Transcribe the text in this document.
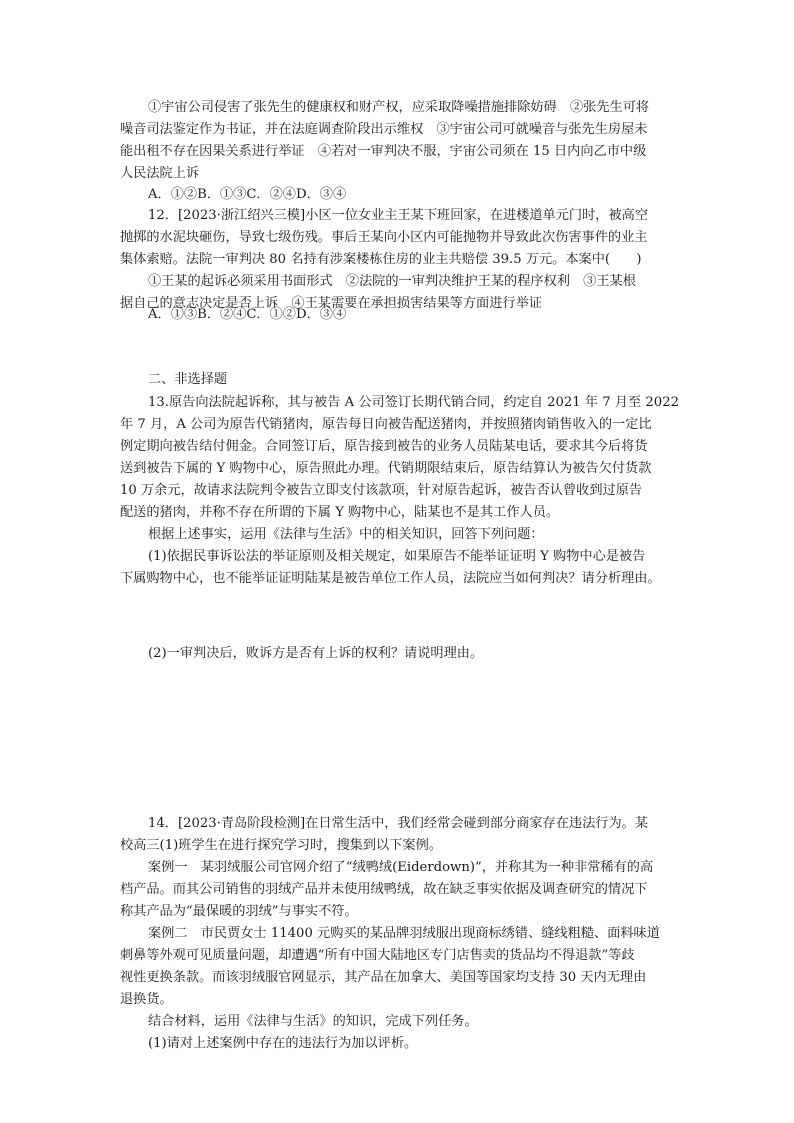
①宇宙公司侵害了张先生的健康权和财产权，应采取降噪措施排除妨碍　②张先生可将
噪音司法鉴定作为书证，并在法庭调查阶段出示维权　③宇宙公司可就噪音与张先生房屋未
能出租不存在因果关系进行举证　④若对一审判决不服，宇宙公司须在 15 日内向乙市中级
人民法院上诉
A．①②B．①③C．②④D．③④
12．[2023·浙江绍兴三模]小区一位女业主王某下班回家，在进楼道单元门时，被高空
抛掷的水泥块砸伤，导致七级伤残。事后王某向小区内可能抛物并导致此次伤害事件的业主
集体索赔。法院一审判决 80 名持有涉案楼栋住房的业主共赔偿 39.5 万元。本案中(　　)
①王某的起诉必须采用书面形式　②法院的一审判决维护王某的程序权利　③王某根
据自己的意志决定是否上诉　④王某需要在承担损害结果等方面进行举证
A．①③B．②④C．①②D．③④
二、非选择题
13.原告向法院起诉称，其与被告 A 公司签订长期代销合同，约定自 2021 年 7 月至 2022
年 7 月，A 公司为原告代销猪肉，原告每日向被告配送猪肉，并按照猪肉销售收入的一定比
例定期向被告结付佣金。合同签订后，原告接到被告的业务人员陆某电话，要求其今后将货
送到被告下属的 Y 购物中心，原告照此办理。代销期限结束后，原告结算认为被告欠付货款
10 万余元，故请求法院判令被告立即支付该款项，针对原告起诉，被告否认曾收到过原告
配送的猪肉，并称不存在所谓的下属 Y 购物中心，陆某也不是其工作人员。
根据上述事实，运用《法律与生活》中的相关知识，回答下列问题：
(1)依据民事诉讼法的举证原则及相关规定，如果原告不能举证证明 Y 购物中心是被告
下属购物中心，也不能举证证明陆某是被告单位工作人员，法院应当如何判决？请分析理由。
(2)一审判决后，败诉方是否有上诉的权利？请说明理由。
14．[2023·青岛阶段检测]在日常生活中，我们经常会碰到部分商家存在违法行为。某
校高三(1)班学生在进行探究学习时，搜集到以下案例。
案例一　某羽绒服公司官网介绍了“绒鸭绒(Eiderdown)”，并称其为一种非常稀有的高
档产品。而其公司销售的羽绒产品并未使用绒鸭绒，故在缺乏事实依据及调查研究的情况下
称其产品为“最保暖的羽绒”与事实不符。
案例二　市民贾女士 11400 元购买的某品牌羽绒服出现商标绣错、缝线粗糙、面料味道
刺鼻等外观可见质量问题，却遭遇“所有中国大陆地区专门店售卖的货品均不得退款”等歧
视性更换条款。而该羽绒服官网显示，其产品在加拿大、美国等国家均支持 30 天内无理由
退换货。
结合材料，运用《法律与生活》的知识，完成下列任务。
(1)请对上述案例中存在的违法行为加以评析。
